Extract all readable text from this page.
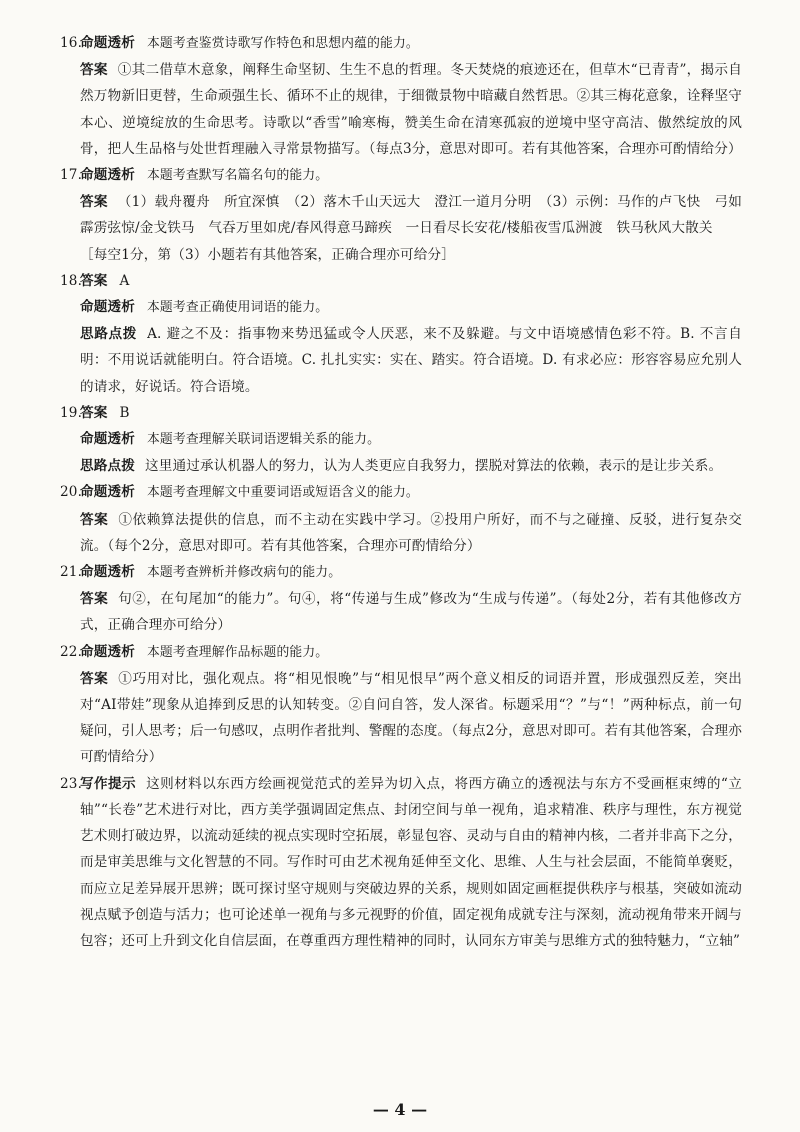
16.
命题透析 本题考查鉴赏诗歌写作特色和思想内蕴的能力。
答案 ①其二借草木意象，阐释生命坚韧、生生不息的哲理。冬天焚烧的痕迹还在，但草木“已青青”，揭示自然万物新旧更替，生命顽强生长、循环不止的规律，于细微景物中暗藏自然哲思。②其三梅花意象，诠释坚守本心、逆境绽放的生命思考。诗歌以“香雪”喻寒梅，赞美生命在清寒孤寂的逆境中坚守高洁、傲然绽放的风骨，把人生品格与处世哲理融入寻常景物描写。（每点3分，意思对即可。若有其他答案，合理亦可酌情给分）
17.
命题透析 本题考查默写名篇名句的能力。
答案 （1）载舟覆舟　所宜深慎　（2）落木千山天远大　澄江一道月分明　（3）示例：马作的卢飞快　弓如霹雳弦惊/金戈铁马　气吞万里如虎/春风得意马蹄疾　一日看尽长安花/楼船夜雪瓜洲渡　铁马秋风大散关
［每空1分，第（3）小题若有其他答案，正确合理亦可给分］
18.
答案 A
命题透析 本题考查正确使用词语的能力。
思路点拨 A. 避之不及：指事物来势迅猛或令人厌恶，来不及躲避。与文中语境感情色彩不符。B. 不言自明：不用说话就能明白。符合语境。C. 扎扎实实：实在、踏实。符合语境。D. 有求必应：形容容易应允别人的请求，好说话。符合语境。
19.
答案 B
命题透析 本题考查理解关联词语逻辑关系的能力。
思路点拨 这里通过承认机器人的努力，认为人类更应自我努力，摆脱对算法的依赖，表示的是让步关系。
20.
命题透析 本题考查理解文中重要词语或短语含义的能力。
答案 ①依赖算法提供的信息，而不主动在实践中学习。②投用户所好，而不与之碰撞、反驳，进行复杂交流。（每个2分，意思对即可。若有其他答案，合理亦可酌情给分）
21.
命题透析 本题考查辨析并修改病句的能力。
答案 句②，在句尾加“的能力”。句④，将“传递与生成”修改为“生成与传递”。（每处2分，若有其他修改方式，正确合理亦可给分）
22.
命题透析 本题考查理解作品标题的能力。
答案 ①巧用对比，强化观点。将“相见恨晚”与“相见恨早”两个意义相反的词语并置，形成强烈反差，突出对“AI带娃”现象从追捧到反思的认知转变。②自问自答，发人深省。标题采用“？”与“！”两种标点，前一句疑问，引人思考；后一句感叹，点明作者批判、警醒的态度。（每点2分，意思对即可。若有其他答案，合理亦可酌情给分）
23.
写作提示 这则材料以东西方绘画视觉范式的差异为切入点，将西方确立的透视法与东方不受画框束缚的“立轴”“长卷”艺术进行对比，西方美学强调固定焦点、封闭空间与单一视角，追求精准、秩序与理性，东方视觉艺术则打破边界，以流动延续的视点实现时空拓展，彰显包容、灵动与自由的精神内核，二者并非高下之分，而是审美思维与文化智慧的不同。写作时可由艺术视角延伸至文化、思维、人生与社会层面，不能简单褒贬，而应立足差异展开思辨；既可探讨坚守规则与突破边界的关系，规则如固定画框提供秩序与根基，突破如流动视点赋予创造与活力；也可论述单一视角与多元视野的价值，固定视角成就专注与深刻，流动视角带来开阔与包容；还可上升到文化自信层面，在尊重西方理性精神的同时，认同东方审美与思维方式的独特魅力，“立轴”
— 4 —
